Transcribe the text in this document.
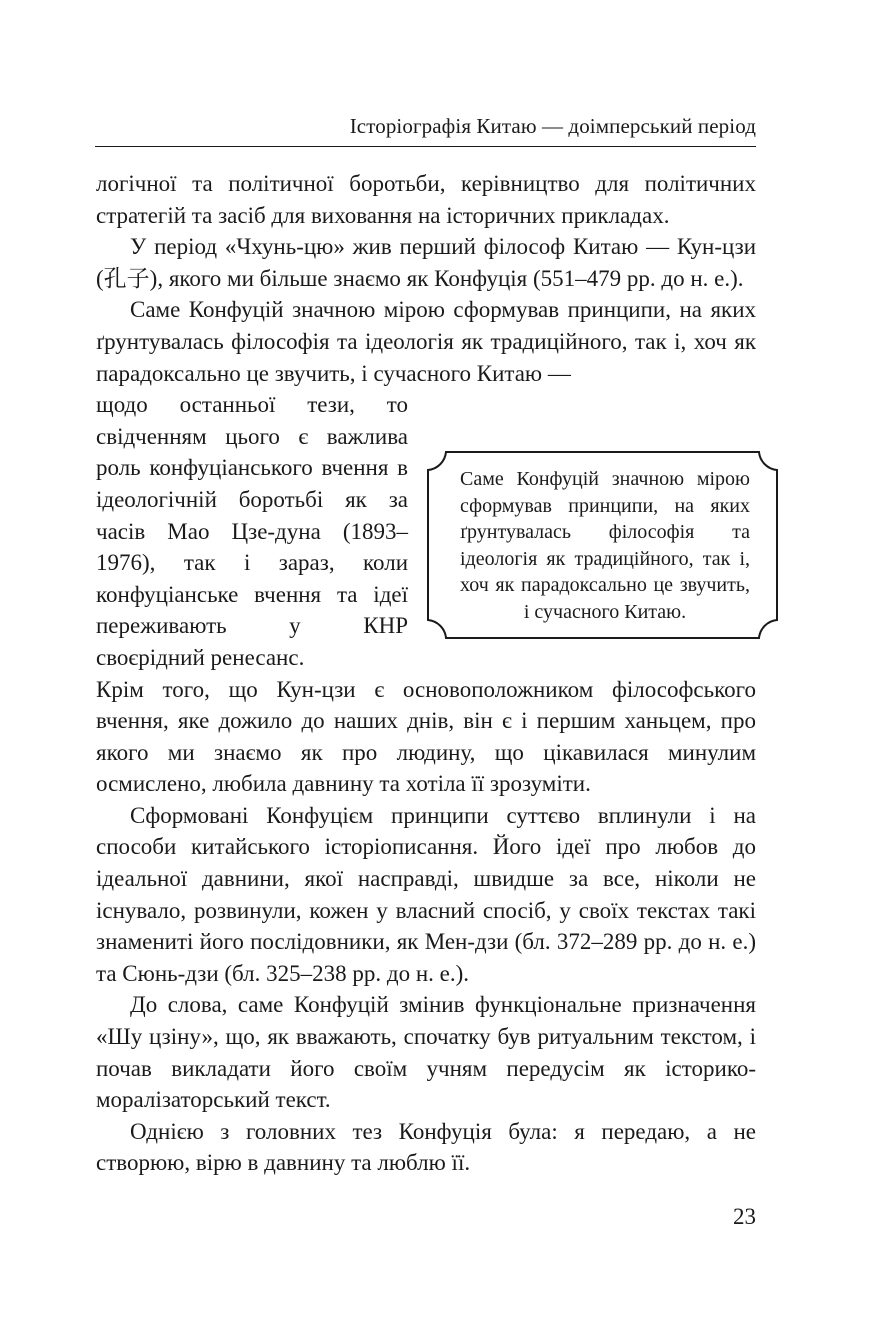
Історіографія Китаю — доімперський період

логічної та політичної боротьби, керівництво для політичних стратегій та засіб для виховання на історичних прикладах.

У період «Чхунь-цю» жив перший філософ Китаю — Кун-цзи (孔子), якого ми більше знаємо як Конфуція (551–479 рр. до н. е.).

Саме Конфуцій значною мірою сформував принципи, на яких ґрунтувалась філософія та ідеологія як традиційного, так і, хоч як парадоксально це звучить, і сучасного Китаю —

щодо останньої тези, то свідченням цього є важлива роль конфуціанського вчення в ідеологічній боротьбі як за часів Мао Цзе-дуна (1893–1976), так і зараз, коли конфуціанське вчення та ідеї переживають у КНР своєрідний ренесанс.

Крім того, що Кун-цзи є основоположником філософського вчення, яке дожило до наших днів, він є і першим ханьцем, про якого ми знаємо як про людину, що цікавилася минулим осмислено, любила давнину та хотіла її зрозуміти.

Сформовані Конфуцієм принципи суттєво вплинули і на способи китайського історіописання. Його ідеї про любов до ідеальної давнини, якої насправді, швидше за все, ніколи не існувало, розвинули, кожен у власний спосіб, у своїх текстах такі знамениті його послідовники, як Мен-дзи (бл. 372–289 рр. до н. е.) та Сюнь-дзи (бл. 325–238 рр. до н. е.).

До слова, саме Конфуцій змінив функціональне призначення «Шу цзіну», що, як вважають, спочатку був ритуальним текстом, і почав викладати його своїм учням передусім як історико-моралізаторський текст.

Однією з головних тез Конфуція була: я передаю, а не створюю, вірю в давнину та люблю її.

Саме Конфуцій значною мірою сформував принципи, на яких ґрунтувалась філософія та ідеологія як традиційного, так і, хоч як парадоксально це звучить, і сучасного Китаю.
23
